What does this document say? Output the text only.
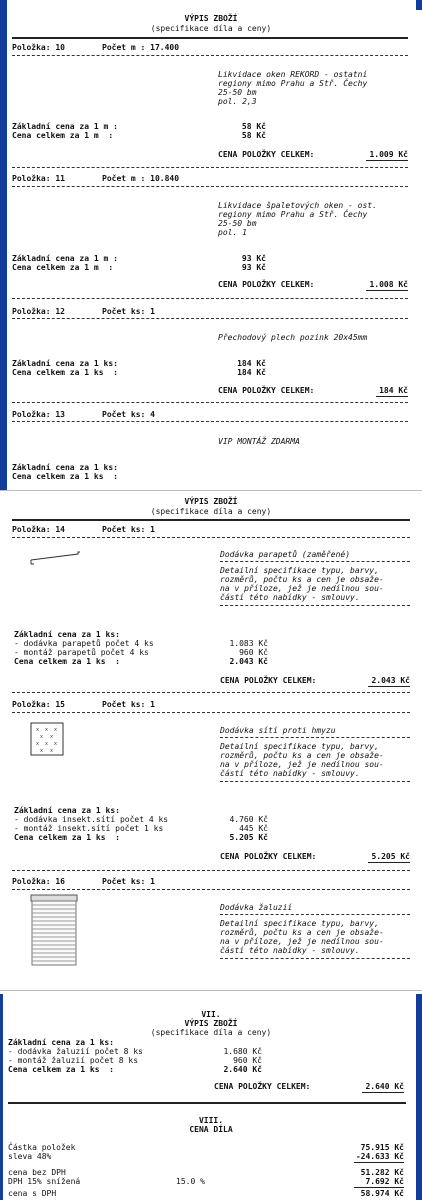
VÝPIS ZBOŽÍ
(specifikace díla a ceny)
Položka: 10	Počet m : 17.400
Likvidace oken REKORD - ostatní
regiony mimo Prahu a Stř. Čechy
25-50 bm
pol. 2,3
Základní cena za 1 m :	58 Kč
Cena celkem za 1 m  :	58 Kč
CENA POLOŽKY CELKEM:	1.009 Kč
Položka: 11	Počet m : 10.840
Likvidace špaletových oken - ost.
regiony mimo Prahu a Stř. Čechy
25-50 bm
pol. 1
Základní cena za 1 m :	93 Kč
Cena celkem za 1 m  :	93 Kč
CENA POLOŽKY CELKEM:	1.008 Kč
Položka: 12	Počet ks: 1
Přechodový plech pozink 20x45mm
Základní cena za 1 ks:	184 Kč
Cena celkem za 1 ks  :	184 Kč
CENA POLOŽKY CELKEM:	184 Kč
Položka: 13	Počet ks: 4
VIP MONTÁŽ ZDARMA
Základní cena za 1 ks:
Cena celkem za 1 ks  :
VÝPIS ZBOŽÍ
(specifikace díla a ceny)
Položka: 14	Počet ks: 1
Dodávka parapetů (zaměřené)
Detailní specifikace typu, barvy,
rozměrů, počtu ks a cen je obsaže-
na v příloze, jež je nedílnou sou-
částí této nabídky - smlouvy.
Základní cena za 1 ks:
- dodávka parapetů počet 4 ks	1.083 Kč
- montáž parapetů počet 4 ks	960 Kč
Cena celkem za 1 ks  :	2.043 Kč
CENA POLOŽKY CELKEM:	2.043 Kč
Položka: 15	Počet ks: 1
x x x
x x
x x x
x x
Dodávka sítí proti hmyzu
Detailní specifikace typu, barvy,
rozměrů, počtu ks a cen je obsaže-
na v příloze, jež je nedílnou sou-
částí této nabídky - smlouvy.
Základní cena za 1 ks:
- dodávka insekt.sítí počet 4 ks	4.760 Kč
- montáž insekt.sítí počet 1 ks	445 Kč
Cena celkem za 1 ks  :	5.205 Kč
CENA POLOŽKY CELKEM:	5.205 Kč
Položka: 16	Počet ks: 1
Dodávka žaluzií
Detailní specifikace typu, barvy,
rozměrů, počtu ks a cen je obsaže-
na v příloze, jež je nedílnou sou-
částí této nabídky - smlouvy.
VII.
VÝPIS ZBOŽÍ
(specifikace díla a ceny)
Základní cena za 1 ks:
- dodávka žaluzií počet 8 ks	1.680 Kč
- montáž žaluzií počet 8 ks	960 Kč
Cena celkem za 1 ks  :	2.640 Kč
CENA POLOŽKY CELKEM:	2.640 Kč
VIII.
CENA DÍLA
Částka položek	75.915 Kč
sleva 48%	-24.633 Kč
cena bez DPH	51.282 Kč
DPH 15% snížená	15.0 %	7.692 Kč
cena s DPH	58.974 Kč
